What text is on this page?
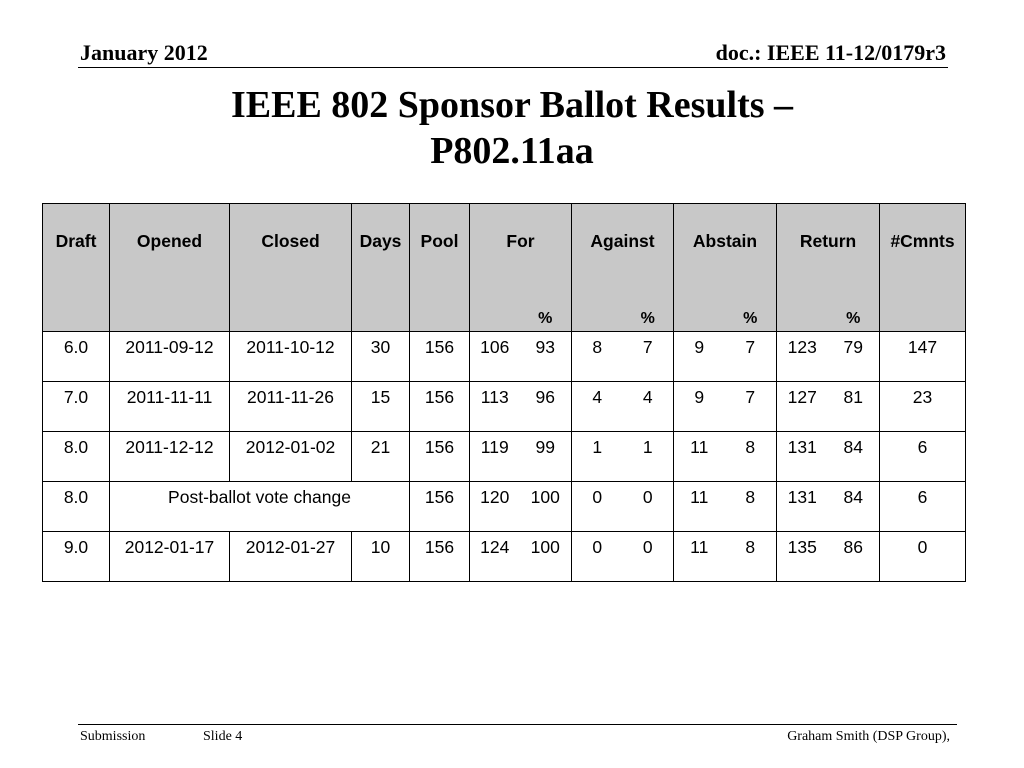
January 2012	doc.: IEEE 11-12/0179r3
IEEE 802 Sponsor Ballot Results –
P802.11aa
Draft	Opened	Closed	Days	Pool	For		Against		Abstain		Return		#Cmnts
						%		%		%		%	
6.0	2011-09-12	2011-10-12	30	156	106	93	8	7	9	7	123	79	147
7.0	2011-11-11	2011-11-26	15	156	113	96	4	4	9	7	127	81	23
8.0	2011-12-12	2012-01-02	21	156	119	99	1	1	11	8	131	84	6
8.0	Post-ballot vote change			156	120	100	0	0	11	8	131	84	6
9.0	2012-01-17	2012-01-27	10	156	124	100	0	0	11	8	135	86	0
Submission	Slide 4	Graham Smith (DSP Group),
